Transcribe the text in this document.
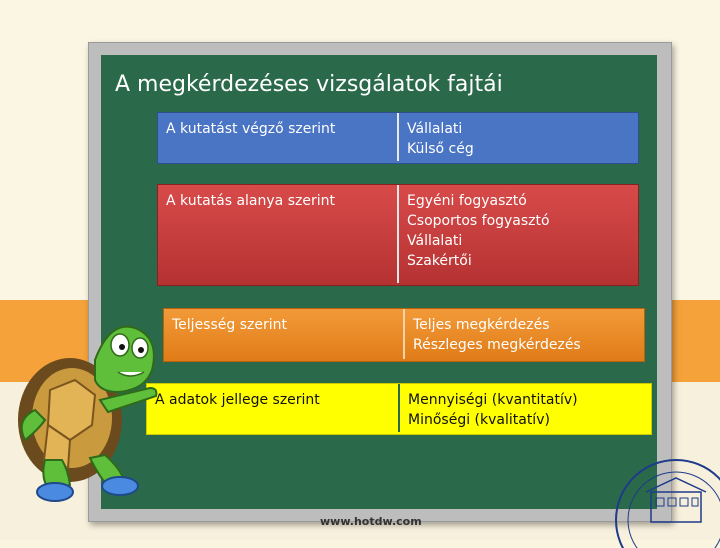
A megkérdezéses vizsgálatok fajtái
A kutatást végző szerint	Vállalati
Külső cég
A kutatás alanya szerint	Egyéni fogyasztó
Csoportos fogyasztó
Vállalati
Szakértői
Teljesség szerint	Teljes megkérdezés
Részleges megkérdezés
A adatok jellege szerint	Mennyiségi (kvantitatív)
Minőségi (kvalitatív)
www.hotdw.com
